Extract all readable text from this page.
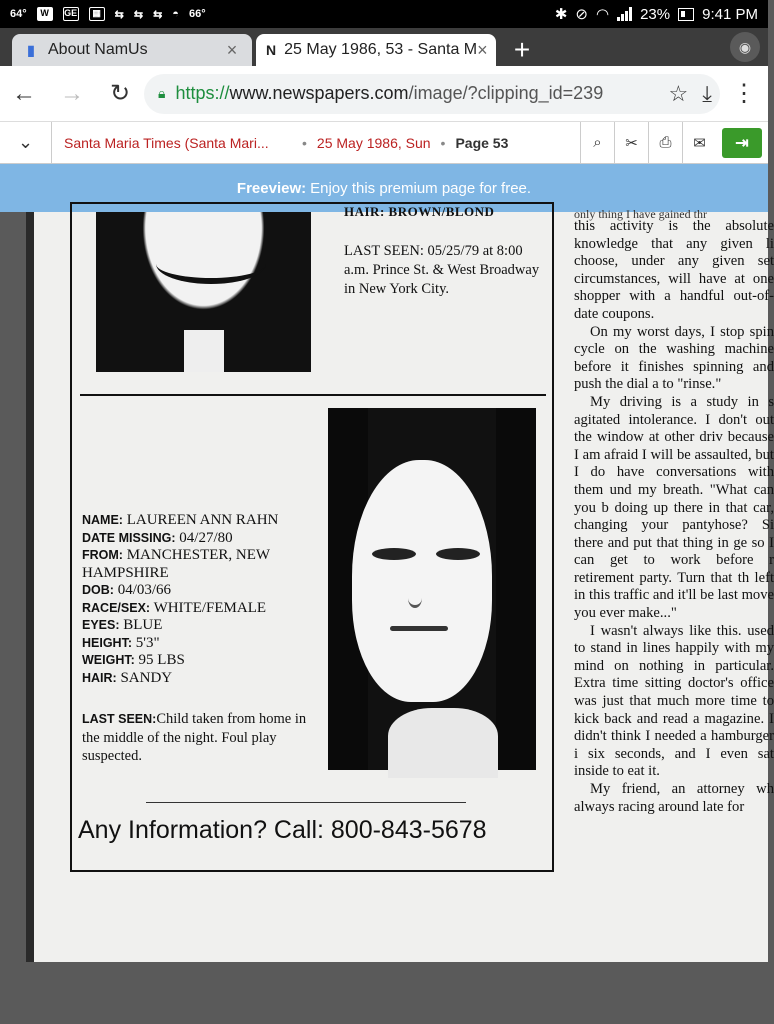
64°	W	GE	▦	⇆ ⇆ ⇆ ◓ 66°	✱ ⊘ ◠ 23% 9:41 PM
▮ About NamUs	×	N 25 May 1986, 53 - Santa M × +	◉
←	→	↻	🔒︎ https://www.newspapers.com/image/?clipping_id=239	☆ ⤓ ⋮
⌄	Santa Maria Times (Santa Mari...	• 25 May 1986, Sun • Page 53	⌕	✂	⎙	✉	⇥
Freeview: Enjoy this premium page for free.
HAIR: BROWN/BLOND
LAST SEEN: 05/25/79 at 8:00 a.m. Prince St. & West Broadway in New York City.
NAME: LAUREEN ANN RAHN
DATE MISSING: 04/27/80
FROM: MANCHESTER, NEW HAMPSHIRE
DOB: 04/03/66
RACE/SEX: WHITE/FEMALE
EYES: BLUE
HEIGHT: 5'3"
WEIGHT: 95 LBS
HAIR: SANDY
LAST SEEN:Child taken from home in the middle of the night. Foul play suspected.
Any Information? Call: 800-843-5678
only thing I have gained thr

this activity is the absolute knowledge that any given li choose, under any given set circumstances, will have at one shopper with a handful out-of-date coupons.

On my worst days, I stop spin cycle on the washing machine before it finishes spinning and push the dial a to "rinse."

My driving is a study in s agitated intolerance. I don't out the window at other driv because I am afraid I will be assaulted, but I do have conversations with them und my breath. "What can you b doing up there in that car, changing your pantyhose? Si there and put that thing in ge so I can get to work before r retirement party. Turn that th left in this traffic and it'll be last move you ever make..."

I wasn't always like this. used to stand in lines happily with my mind on nothing in particular. Extra time sitting doctor's office was just that much more time to kick back and read a magazine. I didn't think I needed a hamburger i six seconds, and I even sat inside to eat it.

My friend, an attorney wh always racing around late for
